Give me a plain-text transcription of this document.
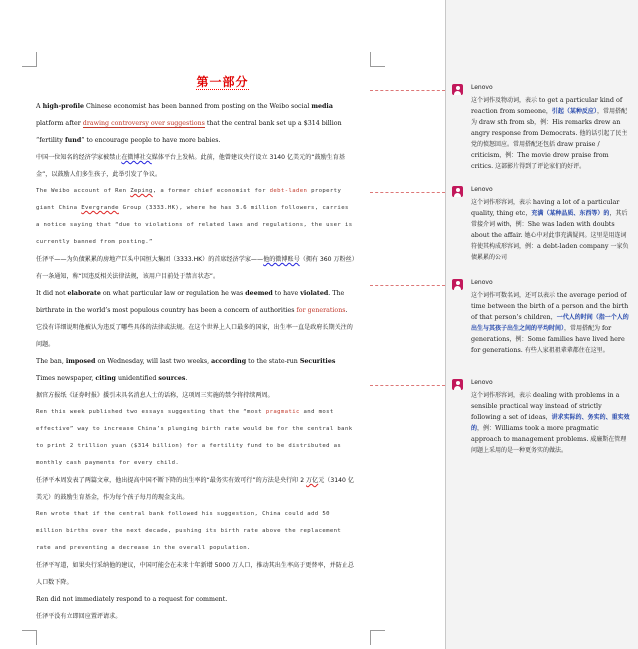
第一部分

A high-profile Chinese economist has been banned from posting on the Weibo social media platform after drawing controversy over suggestions that the central bank set up a $314 billion “fertility fund” to encourage people to have more babies.

中国一位知名的经济学家被禁止在微博社交媒体平台上发帖。此前，他曾建议央行设立 3140 亿美元的“鼓励生育基金”，以鼓励人们多生孩子，此举引发了争议。

The Weibo account of Ren Zeping, a former chief economist for debt-laden property giant China Evergrande Group (3333.HK), where he has 3.6 million followers, carries a notice saying that “due to violations of related laws and regulations, the user is currently banned from posting.”

任泽平——为负债累累的房地产巨头中国恒大集团（3333.HK）的首席经济学家——他的微博账号（拥有 360 万粉丝）有一条通知，称“因违反相关法律法规，该用户目前处于禁言状态”。

It did not elaborate on what particular law or regulation he was deemed to have violated. The birthrate in the world’s most populous country has been a concern of authorities for generations.

它没有详细说明他被认为违反了哪些具体的法律或法规。在这个世界上人口最多的国家，出生率一直是政府长期关注的问题。

The ban, imposed on Wednesday, will last two weeks, according to the state-run Securities Times newspaper, citing unidentified sources.

据官方报纸《证券时报》援引未具名消息人士的话称，这项周三实施的禁令将持续两周。

Ren this week published two essays suggesting that the “most pragmatic and most effective” way to increase China’s plunging birth rate would be for the central bank to print 2 trillion yuan ($314 billion) for a fertility fund to be distributed as monthly cash payments for every child.

任泽平本周发表了两篇文章，他出提高中国不断下降的出生率的“最务实有效可行”的方法是央行印 2 万亿元（3140 亿美元）的鼓励生育基金，作为每个孩子每月的现金支出。

Ren wrote that if the central bank followed his suggestion, China could add 50 million births over the next decade, pushing its birth rate above the replacement rate and preventing a decrease in the overall population.

任泽平写道，如果央行采纳他的建议，中国可能会在未来十年新增 5000 万人口，推动其出生率高于更替率，并防止总人口数下降。

Ren did not immediately respond to a request for comment.

任泽平没有立即回应置评请求。

Lenovo
这个词作及物动词，表示 to get a particular kind of reaction from someone，引起（某种反应），常用搭配为 draw sth from sb，例：His remarks drew an angry response from Democrats. 他的话引起了民主党的愤怒回应。常用搭配还包括 draw praise / criticism，例：The movie drew praise from critics. 这部影片得到了评论家们的好评。
Lenovo
这个词作形容词，表示 having a lot of a particular quality, thing etc，充满（某种品质、东西等）的，其后常接介词 with，例：She was laden with doubts about the affair. 她心中对此事充满疑问。这里是用连词符使其构成形容词，例：a debt-laden company 一家负债累累的公司
Lenovo
这个词作可数名词，还可以表示 the average period of time between the birth of a person and the birth of that person’s children，一代人的时间（指一个人的出生与其孩子出生之间的平均时间），常用搭配为 for generations，例：Some families have lived here for generations. 有些人家祖祖辈辈都住在这里。
Lenovo
这个词作形容词，表示 dealing with problems in a sensible practical way instead of strictly following a set of ideas，讲求实际的、务实的、重实效的，例：Williams took a more pragmatic approach to management problems. 威廉斯在管理问题上采用的是一种更务实的做法。
